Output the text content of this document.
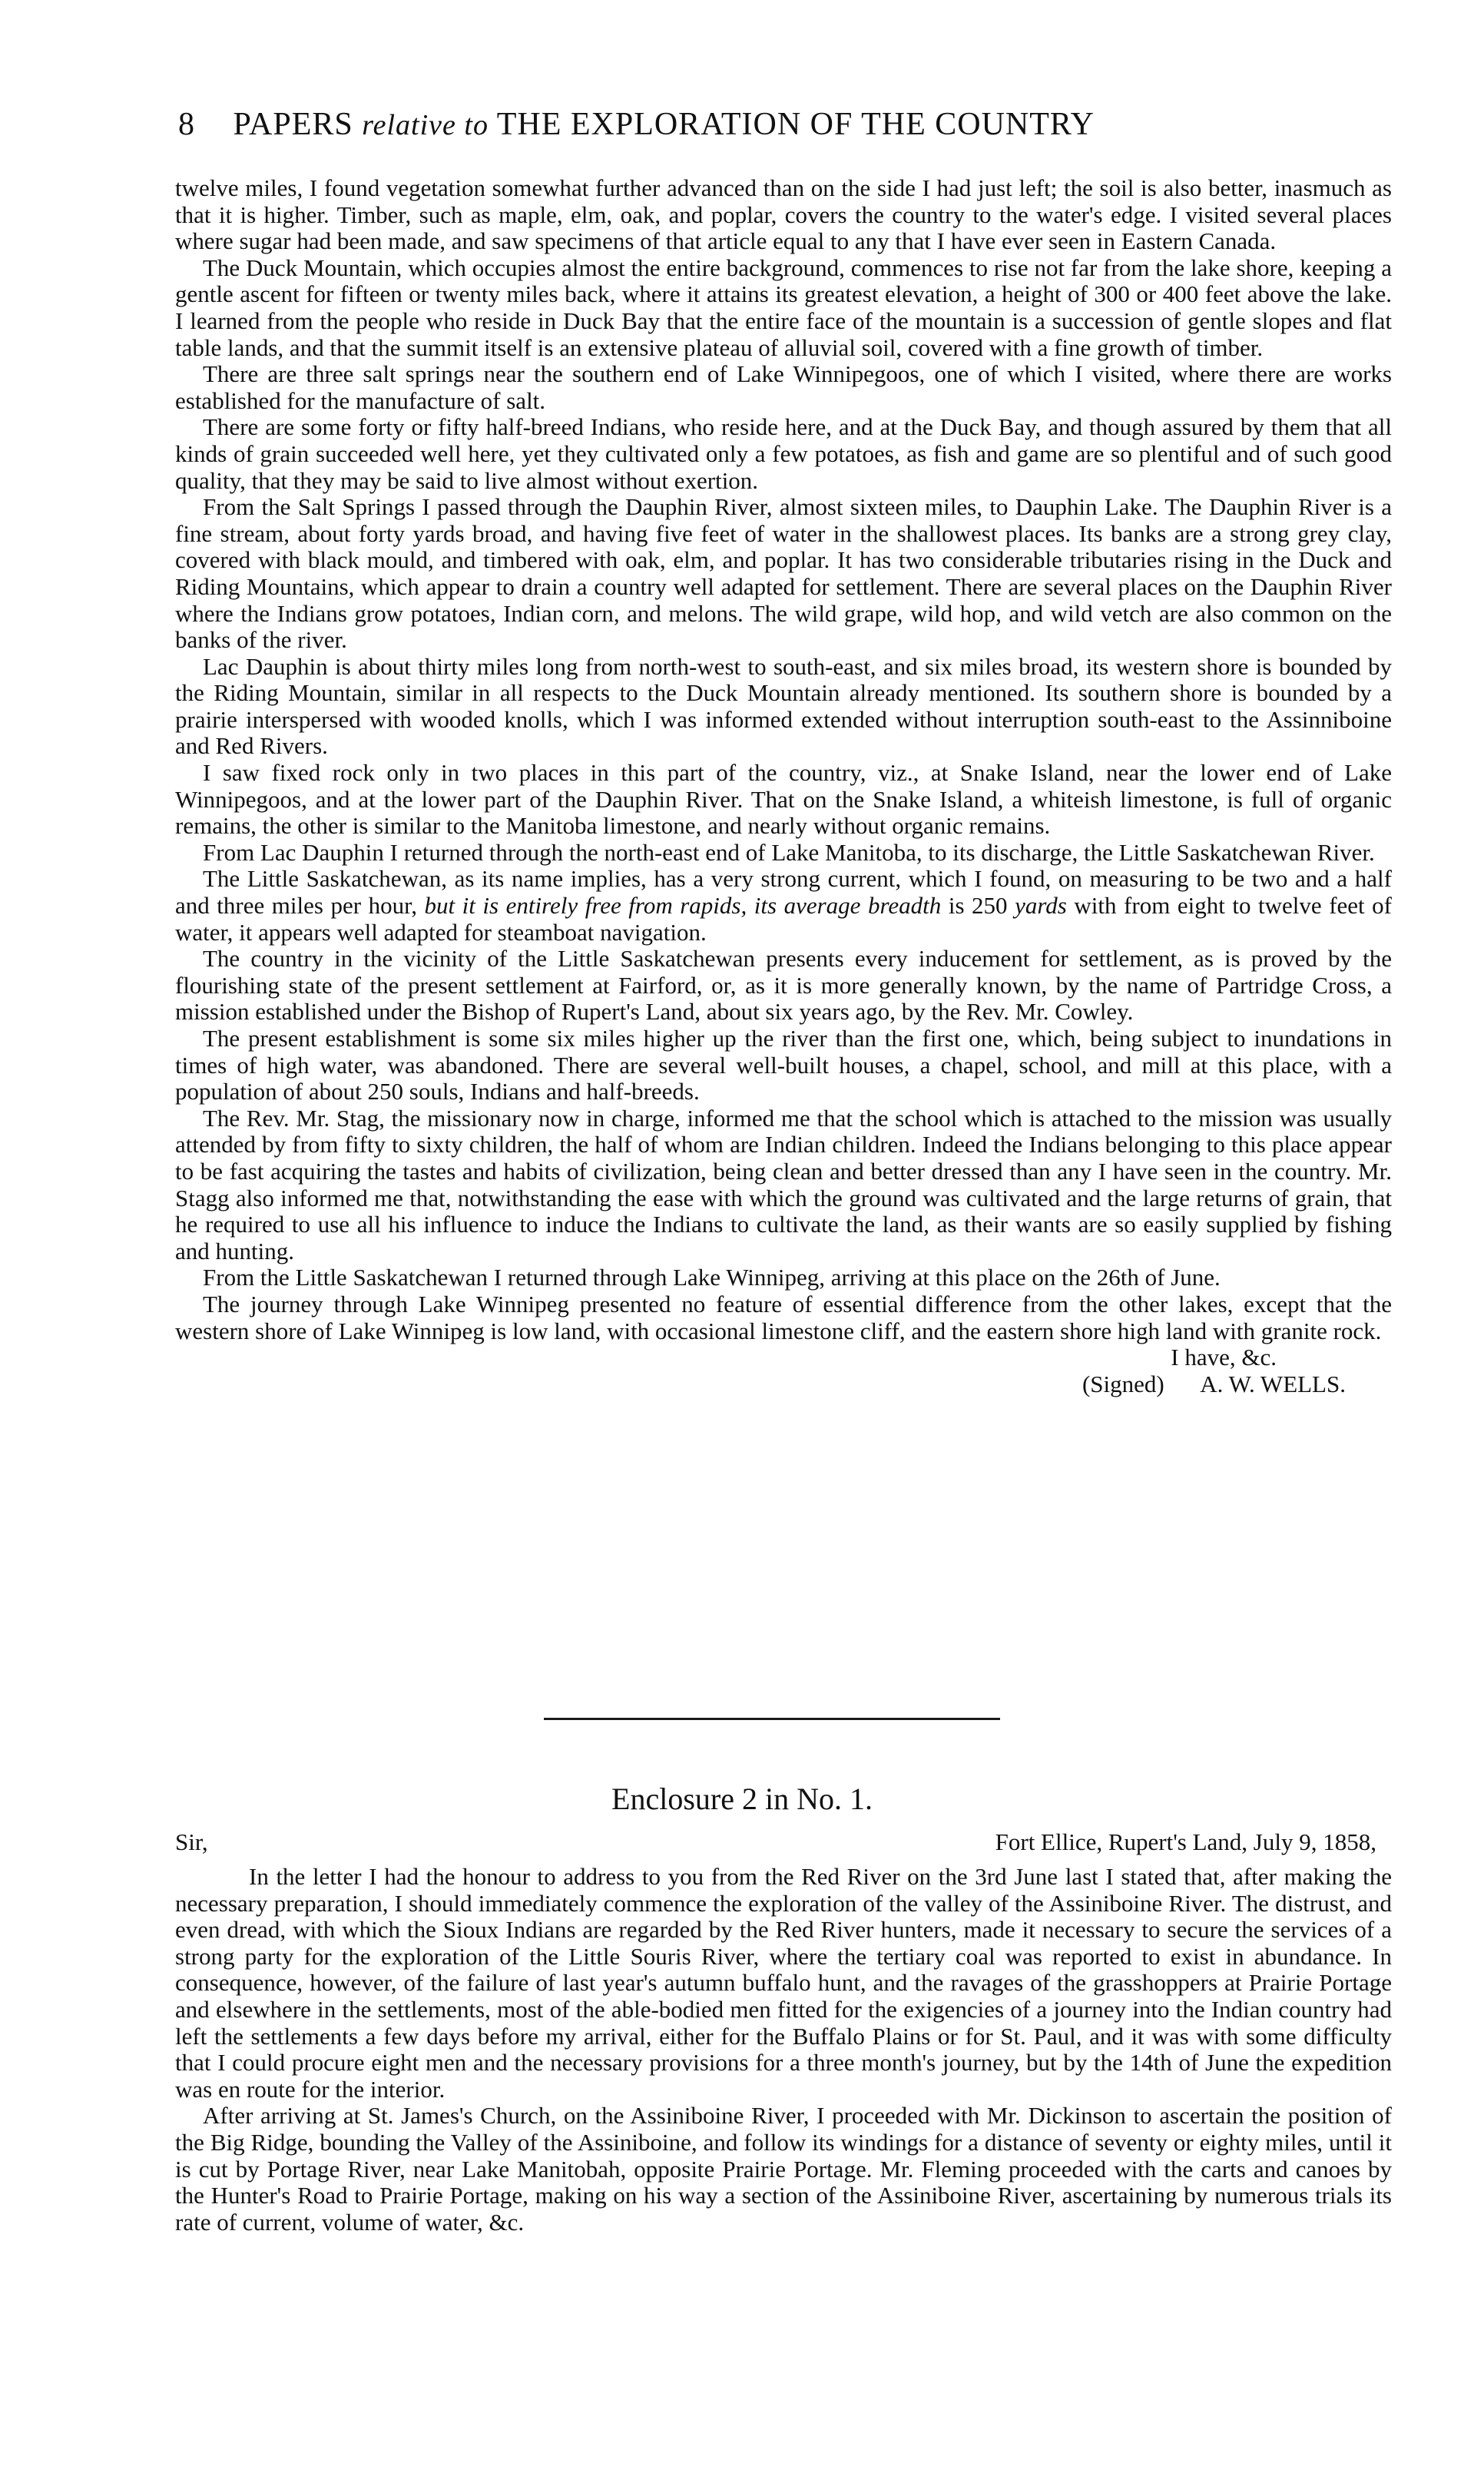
8 PAPERS relative to THE EXPLORATION OF THE COUNTRY

twelve miles, I found vegetation somewhat further advanced than on the side I had just left; the soil is also better, inasmuch as that it is higher. Timber, such as maple, elm, oak, and poplar, covers the country to the water's edge. I visited several places where sugar had been made, and saw specimens of that article equal to any that I have ever seen in Eastern Canada.

The Duck Mountain, which occupies almost the entire background, commences to rise not far from the lake shore, keeping a gentle ascent for fifteen or twenty miles back, where it attains its greatest elevation, a height of 300 or 400 feet above the lake. I learned from the people who reside in Duck Bay that the entire face of the mountain is a succession of gentle slopes and flat table lands, and that the summit itself is an extensive plateau of alluvial soil, covered with a fine growth of timber.

There are three salt springs near the southern end of Lake Winnipegoos, one of which I visited, where there are works established for the manufacture of salt.

There are some forty or fifty half-breed Indians, who reside here, and at the Duck Bay, and though assured by them that all kinds of grain succeeded well here, yet they cultivated only a few potatoes, as fish and game are so plentiful and of such good quality, that they may be said to live almost without exertion.

From the Salt Springs I passed through the Dauphin River, almost sixteen miles, to Dauphin Lake. The Dauphin River is a fine stream, about forty yards broad, and having five feet of water in the shallowest places. Its banks are a strong grey clay, covered with black mould, and timbered with oak, elm, and poplar. It has two considerable tributaries rising in the Duck and Riding Mountains, which appear to drain a country well adapted for settlement. There are several places on the Dauphin River where the Indians grow potatoes, Indian corn, and melons. The wild grape, wild hop, and wild vetch are also common on the banks of the river.

Lac Dauphin is about thirty miles long from north-west to south-east, and six miles broad, its western shore is bounded by the Riding Mountain, similar in all respects to the Duck Mountain already mentioned. Its southern shore is bounded by a prairie interspersed with wooded knolls, which I was informed extended without interruption south-east to the Assinniboine and Red Rivers.

I saw fixed rock only in two places in this part of the country, viz., at Snake Island, near the lower end of Lake Winnipegoos, and at the lower part of the Dauphin River. That on the Snake Island, a whiteish limestone, is full of organic remains, the other is similar to the Manitoba limestone, and nearly without organic remains.

From Lac Dauphin I returned through the north-east end of Lake Manitoba, to its discharge, the Little Saskatchewan River.

The Little Saskatchewan, as its name implies, has a very strong current, which I found, on measuring to be two and a half and three miles per hour, but it is entirely free from rapids, its average breadth is 250 yards with from eight to twelve feet of water, it appears well adapted for steamboat navigation.

The country in the vicinity of the Little Saskatchewan presents every inducement for settlement, as is proved by the flourishing state of the present settlement at Fairford, or, as it is more generally known, by the name of Partridge Cross, a mission established under the Bishop of Rupert's Land, about six years ago, by the Rev. Mr. Cowley.

The present establishment is some six miles higher up the river than the first one, which, being subject to inundations in times of high water, was abandoned. There are several well-built houses, a chapel, school, and mill at this place, with a population of about 250 souls, Indians and half-breeds.

The Rev. Mr. Stag, the missionary now in charge, informed me that the school which is attached to the mission was usually attended by from fifty to sixty children, the half of whom are Indian children. Indeed the Indians belonging to this place appear to be fast acquiring the tastes and habits of civilization, being clean and better dressed than any I have seen in the country. Mr. Stagg also informed me that, notwithstanding the ease with which the ground was cultivated and the large returns of grain, that he required to use all his influence to induce the Indians to cultivate the land, as their wants are so easily supplied by fishing and hunting.

From the Little Saskatchewan I returned through Lake Winnipeg, arriving at this place on the 26th of June.

The journey through Lake Winnipeg presented no feature of essential difference from the other lakes, except that the western shore of Lake Winnipeg is low land, with occasional limestone cliff, and the eastern shore high land with granite rock.

I have, &c.
(Signed) A. W. WELLS.
Enclosure 2 in No. 1.
Sir,	Fort Ellice, Rupert's Land, July 9, 1858,

In the letter I had the honour to address to you from the Red River on the 3rd June last I stated that, after making the necessary preparation, I should immediately commence the exploration of the valley of the Assiniboine River. The distrust, and even dread, with which the Sioux Indians are regarded by the Red River hunters, made it necessary to secure the services of a strong party for the exploration of the Little Souris River, where the tertiary coal was reported to exist in abundance. In consequence, however, of the failure of last year's autumn buffalo hunt, and the ravages of the grasshoppers at Prairie Portage and elsewhere in the settlements, most of the able-bodied men fitted for the exigencies of a journey into the Indian country had left the settlements a few days before my arrival, either for the Buffalo Plains or for St. Paul, and it was with some difficulty that I could procure eight men and the necessary provisions for a three month's journey, but by the 14th of June the expedition was en route for the interior.

After arriving at St. James's Church, on the Assiniboine River, I proceeded with Mr. Dickinson to ascertain the position of the Big Ridge, bounding the Valley of the Assiniboine, and follow its windings for a distance of seventy or eighty miles, until it is cut by Portage River, near Lake Manitobah, opposite Prairie Portage. Mr. Fleming proceeded with the carts and canoes by the Hunter's Road to Prairie Portage, making on his way a section of the Assiniboine River, ascertaining by numerous trials its rate of current, volume of water, &c.
